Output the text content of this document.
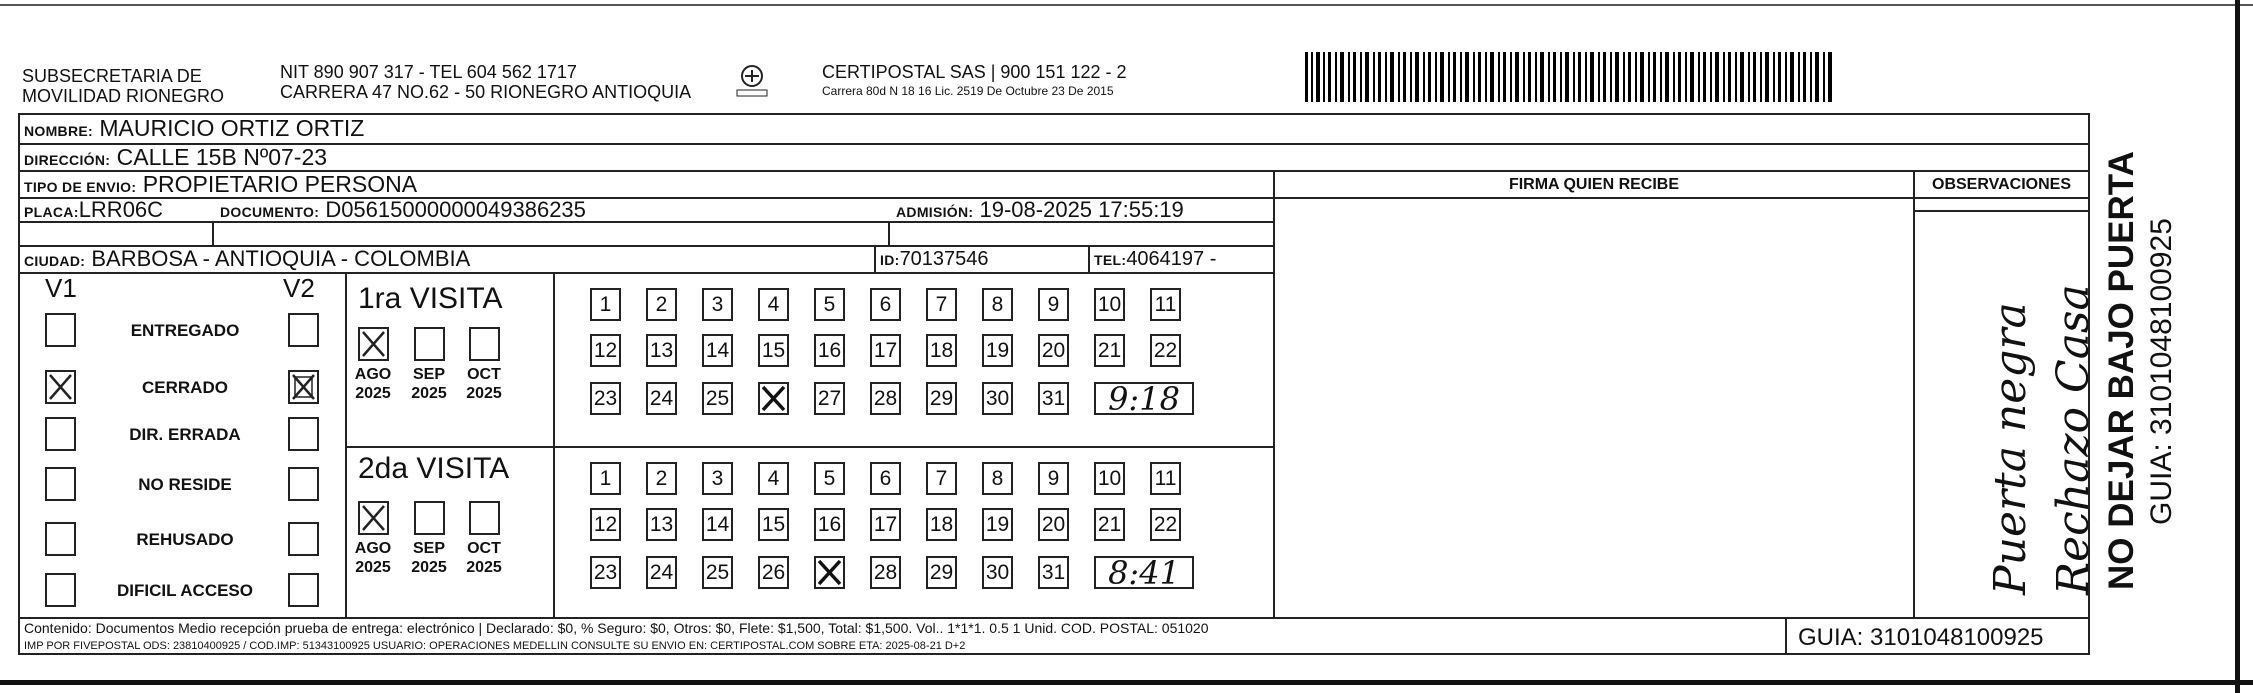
SUBSECRETARIA DE
MOVILIDAD RIONEGRO
NIT 890 907 317 - TEL 604 562 1717
CARRERA 47 NO.62 - 50 RIONEGRO ANTIOQUIA
CERTIPOSTAL SAS | 900 151 122 - 2
Carrera 80d N 18 16 Lic. 2519 De Octubre 23 De 2015
NOMBRE: MAURICIO ORTIZ ORTIZ
DIRECCIÓN: CALLE 15B Nº07-23
TIPO DE ENVIO: PROPIETARIO PERSONA
PLACA:LRR06C	DOCUMENTO: D05615000000049386235	ADMISIÓN: 19-08-2025 17:55:19
CIUDAD: BARBOSA - ANTIOQUIA - COLOMBIA	ID:70137546	TEL:4064197 -
FIRMA QUIEN RECIBE	OBSERVACIONES
V1	V2
ENTREGADO
CERRADO
DIR. ERRADA
NO RESIDE
REHUSADO
DIFICIL ACCESO
1ra VISITA
AGO
2025
SEP
2025
OCT
2025
1	2	3	4	5	6	7	8	9	10 11
12 13 14 15 16 17 18 19 20 21 22
23 24 25	27 28 29 30 31	9:18
2da VISITA
AGO
2025
SEP
2025
OCT
2025
1	2	3	4	5	6	7	8	9	10 11
12 13 14 15 16 17 18 19 20 21 22
23 24 25 26	28 29 30 31	8:41	Puerta negra Rechazo Casa NO DEJAR BAJO PUERTA GUIA: 3101048100925
Contenido: Documentos Medio recepción prueba de entrega: electrónico | Declarado: $0, % Seguro: $0, Otros: $0, Flete: $1,500, Total: $1,500. Vol.. 1*1*1. 0.5 1 Unid. COD. POSTAL: 051020
IMP POR FIVEPOSTAL ODS: 23810400925 / COD.IMP: 51343100925 USUARIO: OPERACIONES MEDELLIN CONSULTE SU ENVIO EN: CERTIPOSTAL.COM SOBRE ETA: 2025-08-21 D+2	GUIA: 3101048100925
